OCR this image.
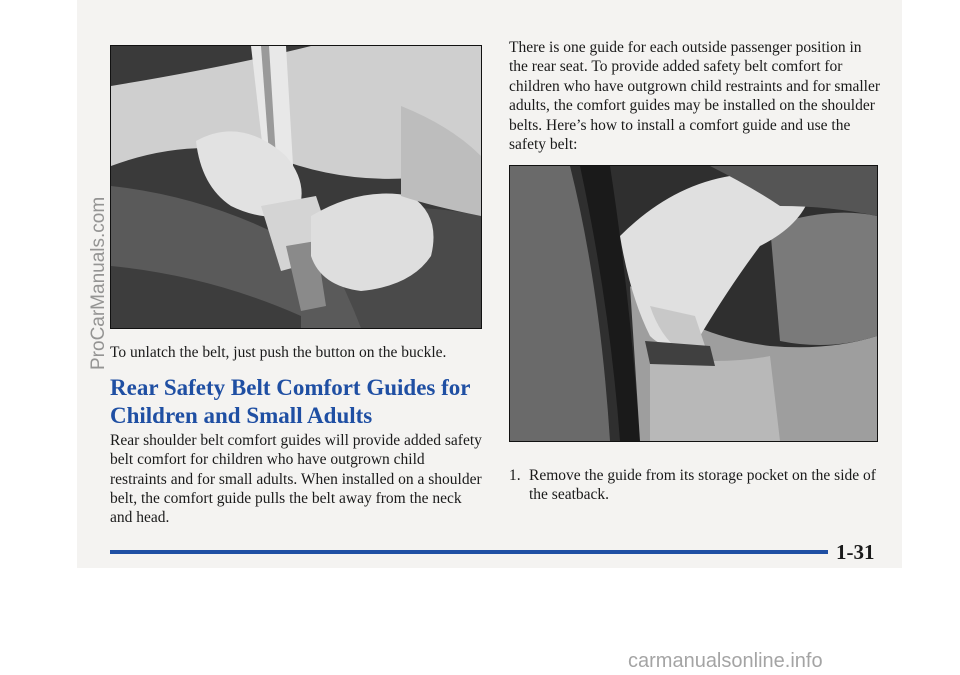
To unlatch the belt, just push the button on the buckle.

Rear Safety Belt Comfort Guides for Children and Small Adults

Rear shoulder belt comfort guides will provide added safety belt comfort for children who have outgrown child restraints and for small adults. When installed on a shoulder belt, the comfort guide pulls the belt away from the neck and head.

There is one guide for each outside passenger position in the rear seat. To provide added safety belt comfort for children who have outgrown child restraints and for smaller adults, the comfort guides may be installed on the shoulder belts. Here’s how to install a comfort guide and use the safety belt:

1. Remove the guide from its storage pocket on the side of the seatback.
1-31
ProCarManuals.com
carmanualsonline.info
